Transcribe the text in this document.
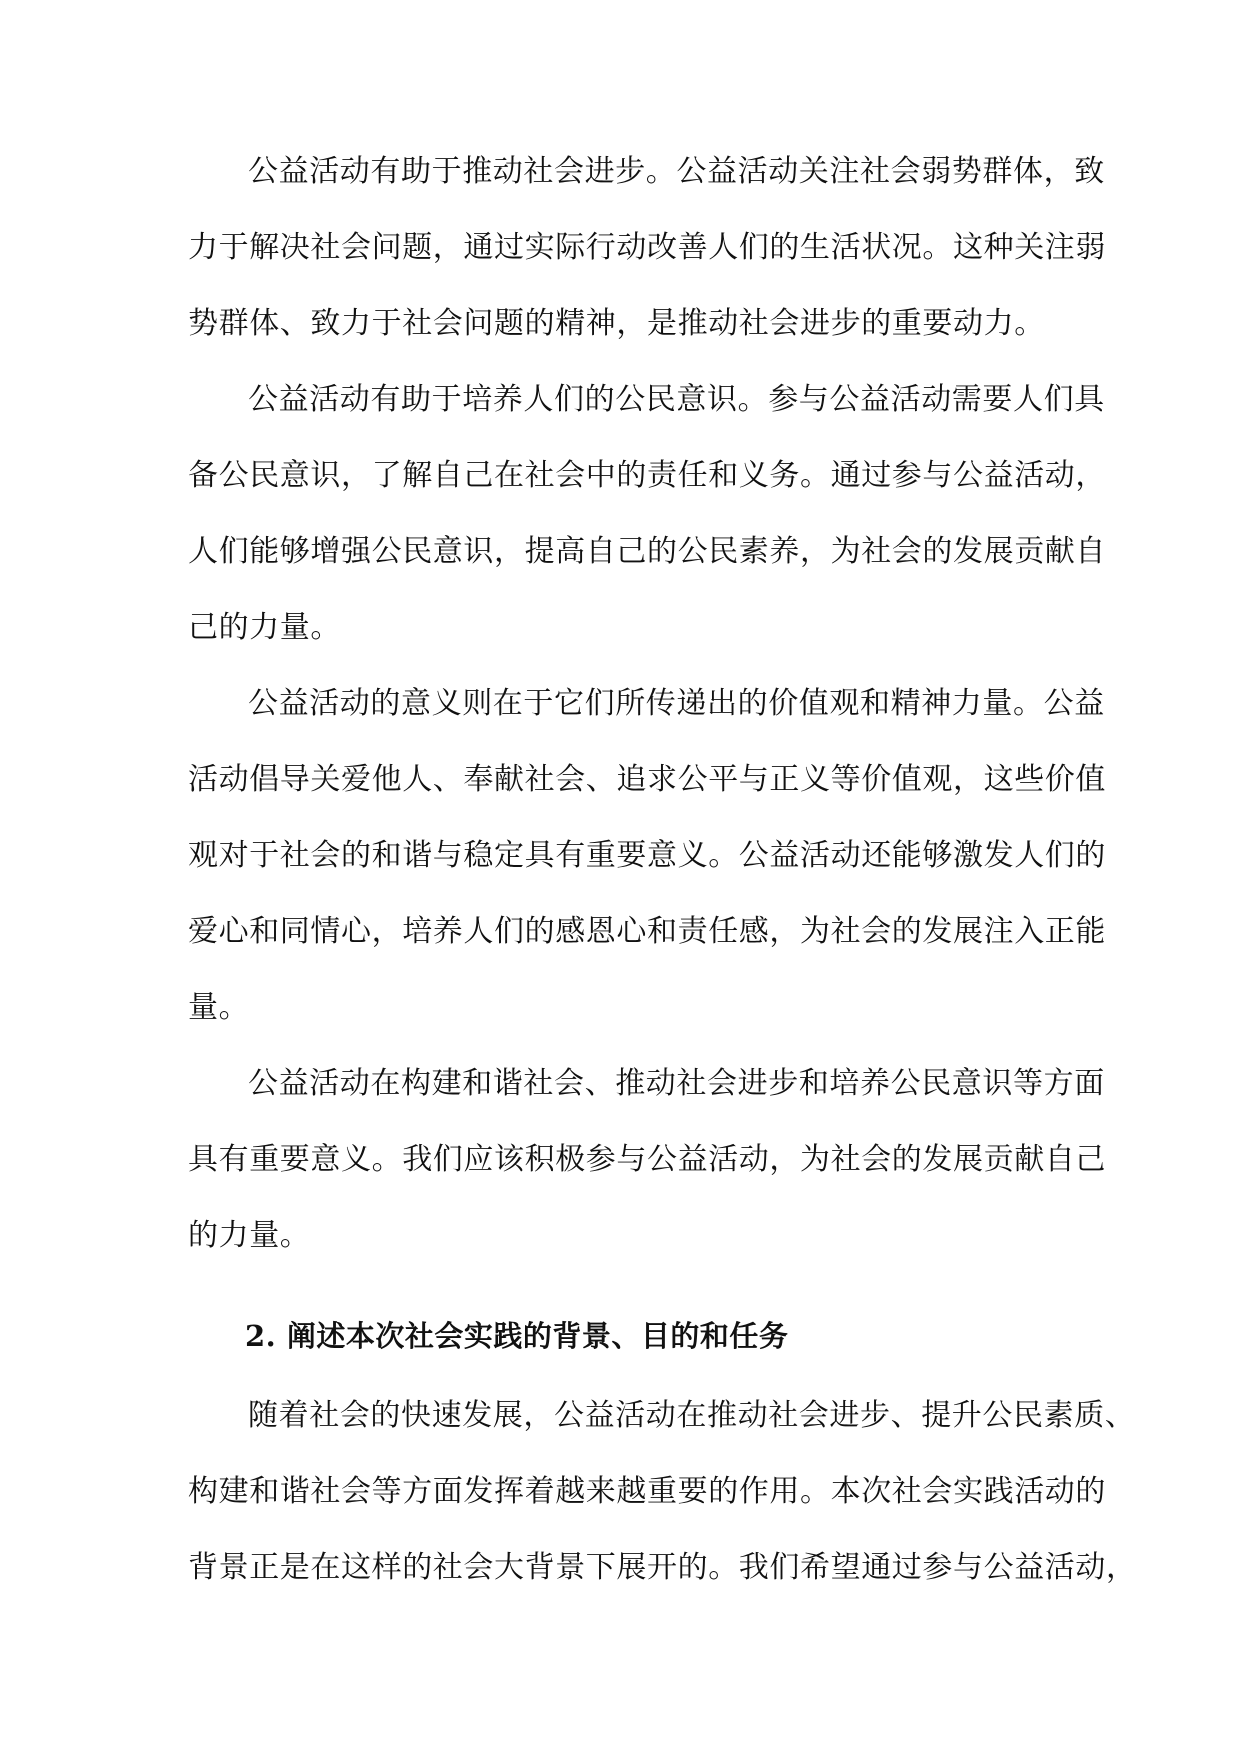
公益活动有助于推动社会进步。公益活动关注社会弱势群体，致

力于解决社会问题，通过实际行动改善人们的生活状况。这种关注弱

势群体、致力于社会问题的精神，是推动社会进步的重要动力。

公益活动有助于培养人们的公民意识。参与公益活动需要人们具

备公民意识，了解自己在社会中的责任和义务。通过参与公益活动，

人们能够增强公民意识，提高自己的公民素养，为社会的发展贡献自

己的力量。

公益活动的意义则在于它们所传递出的价值观和精神力量。公益

活动倡导关爱他人、奉献社会、追求公平与正义等价值观，这些价值

观对于社会的和谐与稳定具有重要意义。公益活动还能够激发人们的

爱心和同情心，培养人们的感恩心和责任感，为社会的发展注入正能

量。

公益活动在构建和谐社会、推动社会进步和培养公民意识等方面

具有重要意义。我们应该积极参与公益活动，为社会的发展贡献自己

的力量。

2. 阐述本次社会实践的背景、目的和任务

随着社会的快速发展，公益活动在推动社会进步、提升公民素质、

构建和谐社会等方面发挥着越来越重要的作用。本次社会实践活动的

背景正是在这样的社会大背景下展开的。我们希望通过参与公益活动，
